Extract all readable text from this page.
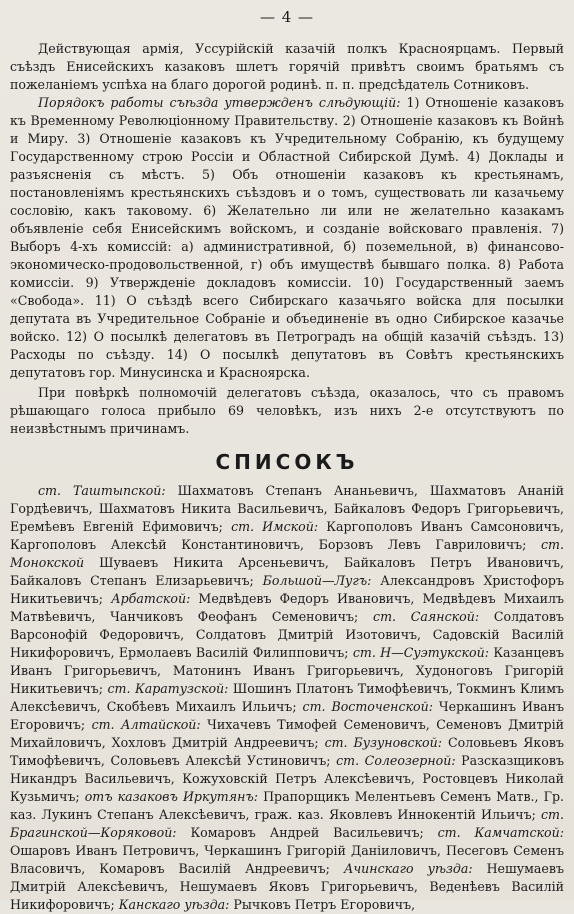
— 4 —

Действующая армія, Уссурійскій казачій полкъ Красноярцамъ. Первый съѣздъ Енисейскихъ казаковъ шлетъ горячій привѣтъ своимъ братьямъ съ пожеланіемъ успѣха на благо дорогой родинѣ. п. п. предсѣдатель Сотниковъ.

Порядокъ работы съѣзда утвержденъ слѣдующій: 1) Отношеніе казаковъ къ Временному Революціонному Правительству. 2) Отношеніе казаковъ къ Войнѣ и Миру. 3) Отношеніе казаковъ къ Учредительному Собранію, къ будущему Государственному строю Россіи и Областной Сибирской Думѣ. 4) Доклады и разъясненія съ мѣстъ. 5) Объ отношеніи казаковъ къ крестьянамъ, постановленіямъ крестьянскихъ съѣздовъ и о томъ, существовать ли казачьему сословію, какъ таковому. 6) Желательно ли или не желательно казакамъ объявленіе себя Енисейскимъ войскомъ, и созданіе войсковаго правленія. 7) Выборъ 4-хъ комиссій: а) административной, б) поземельной, в) финансово-экономическо-продовольственной, г) объ имуществѣ бывшаго полка. 8) Работа комиссіи. 9) Утвержденіе докладовъ комиссіи. 10) Государственный заемъ «Свобода». 11) О съѣздѣ всего Сибирскаго казачьяго войска для посылки депутата въ Учредительное Собраніе и объединеніе въ одно Сибирское казачье войско. 12) О посылкѣ делегатовъ въ Петроградъ на общій казачій съѣздъ. 13) Расходы по съѣзду. 14) О посылкѣ депутатовъ въ Совѣтъ крестьянскихъ депутатовъ гор. Минусинска и Красноярска.

При повѣркѣ полномочій делегатовъ съѣзда, оказалось, что съ правомъ рѣшающаго голоса прибыло 69 человѣкъ, изъ нихъ 2-е отсутствуютъ по неизвѣстнымъ причинамъ.

СПИСОКЪ

ст. Таштыпской: Шахматовъ Степанъ Ананьевичъ, Шахматовъ Ананій Гордѣевичъ, Шахматовъ Никита Васильевичъ, Байкаловъ Федоръ Григорьевичъ, Еремѣевъ Евгеній Ефимовичъ; ст. Имской: Каргополовъ Иванъ Самсоновичъ, Каргополовъ Алексѣй Константиновичъ, Борзовъ Левъ Гавриловичъ; ст. Монокской Шуваевъ Никита Арсеньевичъ, Байкаловъ Петръ Ивановичъ, Байкаловъ Степанъ Елизарьевичъ; Большой—Лугъ: Александровъ Христофоръ Никитьевичъ; Арбатской: Медвѣдевъ Федоръ Ивановичъ, Медвѣдевъ Михаилъ Матвѣевичъ, Чанчиковъ Феофанъ Семеновичъ; ст. Саянской: Солдатовъ Варсонофій Федоровичъ, Солдатовъ Дмитрій Изотовичъ, Садовскій Василій Никифоровичъ, Ермолаевъ Василій Филипповичъ; ст. Н—Суэтукской: Казанцевъ Иванъ Григорьевичъ, Матонинъ Иванъ Григорьевичъ, Худоноговъ Григорій Никитьевичъ; ст. Каратузской: Шошинъ Платонъ Тимофѣевичъ, Токминъ Климъ Алексѣевичъ, Скобѣевъ Михаилъ Ильичъ; ст. Восточенской: Черкашинъ Иванъ Егоровичъ; ст. Алтайской: Чихачевъ Тимофей Семеновичъ, Семеновъ Дмитрій Михайловичъ, Хохловъ Дмитрій Андреевичъ; ст. Бузуновской: Соловьевъ Яковъ Тимофѣевичъ, Соловьевъ Алексѣй Устиновичъ; ст. Солеозерной: Разсказщиковъ Никандръ Васильевичъ, Кожуховскій Петръ Алексѣевичъ, Ростовцевъ Николай Кузьмичъ; отъ казаковъ Иркутянъ: Прапорщикъ Мелентьевъ Семенъ Матв., Гр. каз. Лукинъ Степанъ Алексѣевичъ, граж. каз. Яковлевъ Иннокентій Ильичъ; ст. Брагинской—Коряковой: Комаровъ Андрей Васильевичъ; ст. Камчатской: Ошаровъ Иванъ Петровичъ, Черкашинъ Григорій Даніиловичъ, Песеговъ Семенъ Власовичъ, Комаровъ Василій Андреевичъ; Ачинскаго уѣзда: Нешумаевъ Дмитрій Алексѣевичъ, Нешумаевъ Яковъ Григорьевичъ, Веденѣевъ Василій Никифоровичъ; Канскаго уѣзда: Рычковъ Петръ Егоровичъ,
